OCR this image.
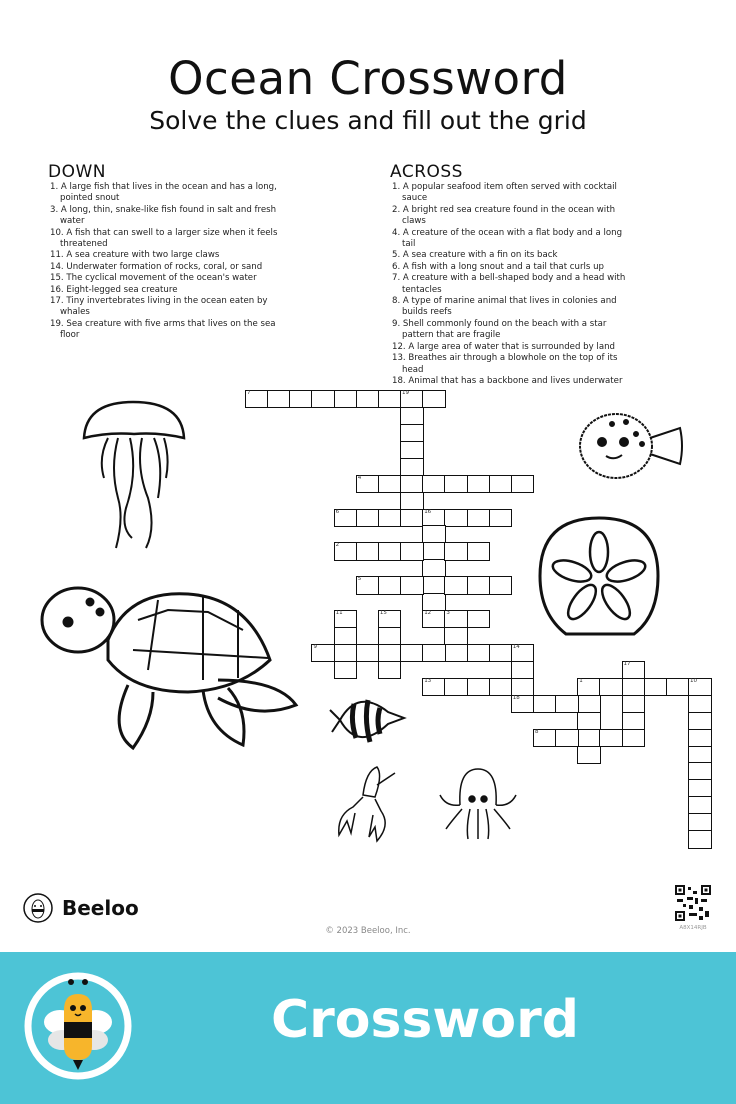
Ocean Crossword
Solve the clues and fill out the grid
DOWN
1. A large fish that lives in the ocean and has a long, pointed snout
3. A long, thin, snake-like fish found in salt and fresh water
10. A fish that can swell to a larger size when it feels threatened
11. A sea creature with two large claws
14. Underwater formation of rocks, coral, or sand
15. The cyclical movement of the ocean's water
16. Eight-legged sea creature
17. Tiny invertebrates living in the ocean eaten by whales
19. Sea creature with five arms that lives on the sea floor
ACROSS
1. A popular seafood item often served with cocktail sauce
2. A bright red sea creature found in the ocean with claws
4. A creature of the ocean with a flat body and a long tail
5. A sea creature with a fin on its back
6. A fish with a long snout and a tail that curls up
7. A creature with a bell-shaped body and a head with tentacles
8. A type of marine animal that lives in colonies and builds reefs
9. Shell commonly found on the beach with a star pattern that are fragile
12. A large area of water that is surrounded by land
13. Breathes air through a blowhole on the top of its head
18. Animal that has a backbone and lives underwater
7	19
4
6	16
12
2
5
11	15	3
9	14
18
17
13	1	10
8
Beeloo
© 2023 Beeloo, Inc.	A8X14RJB
Crossword
